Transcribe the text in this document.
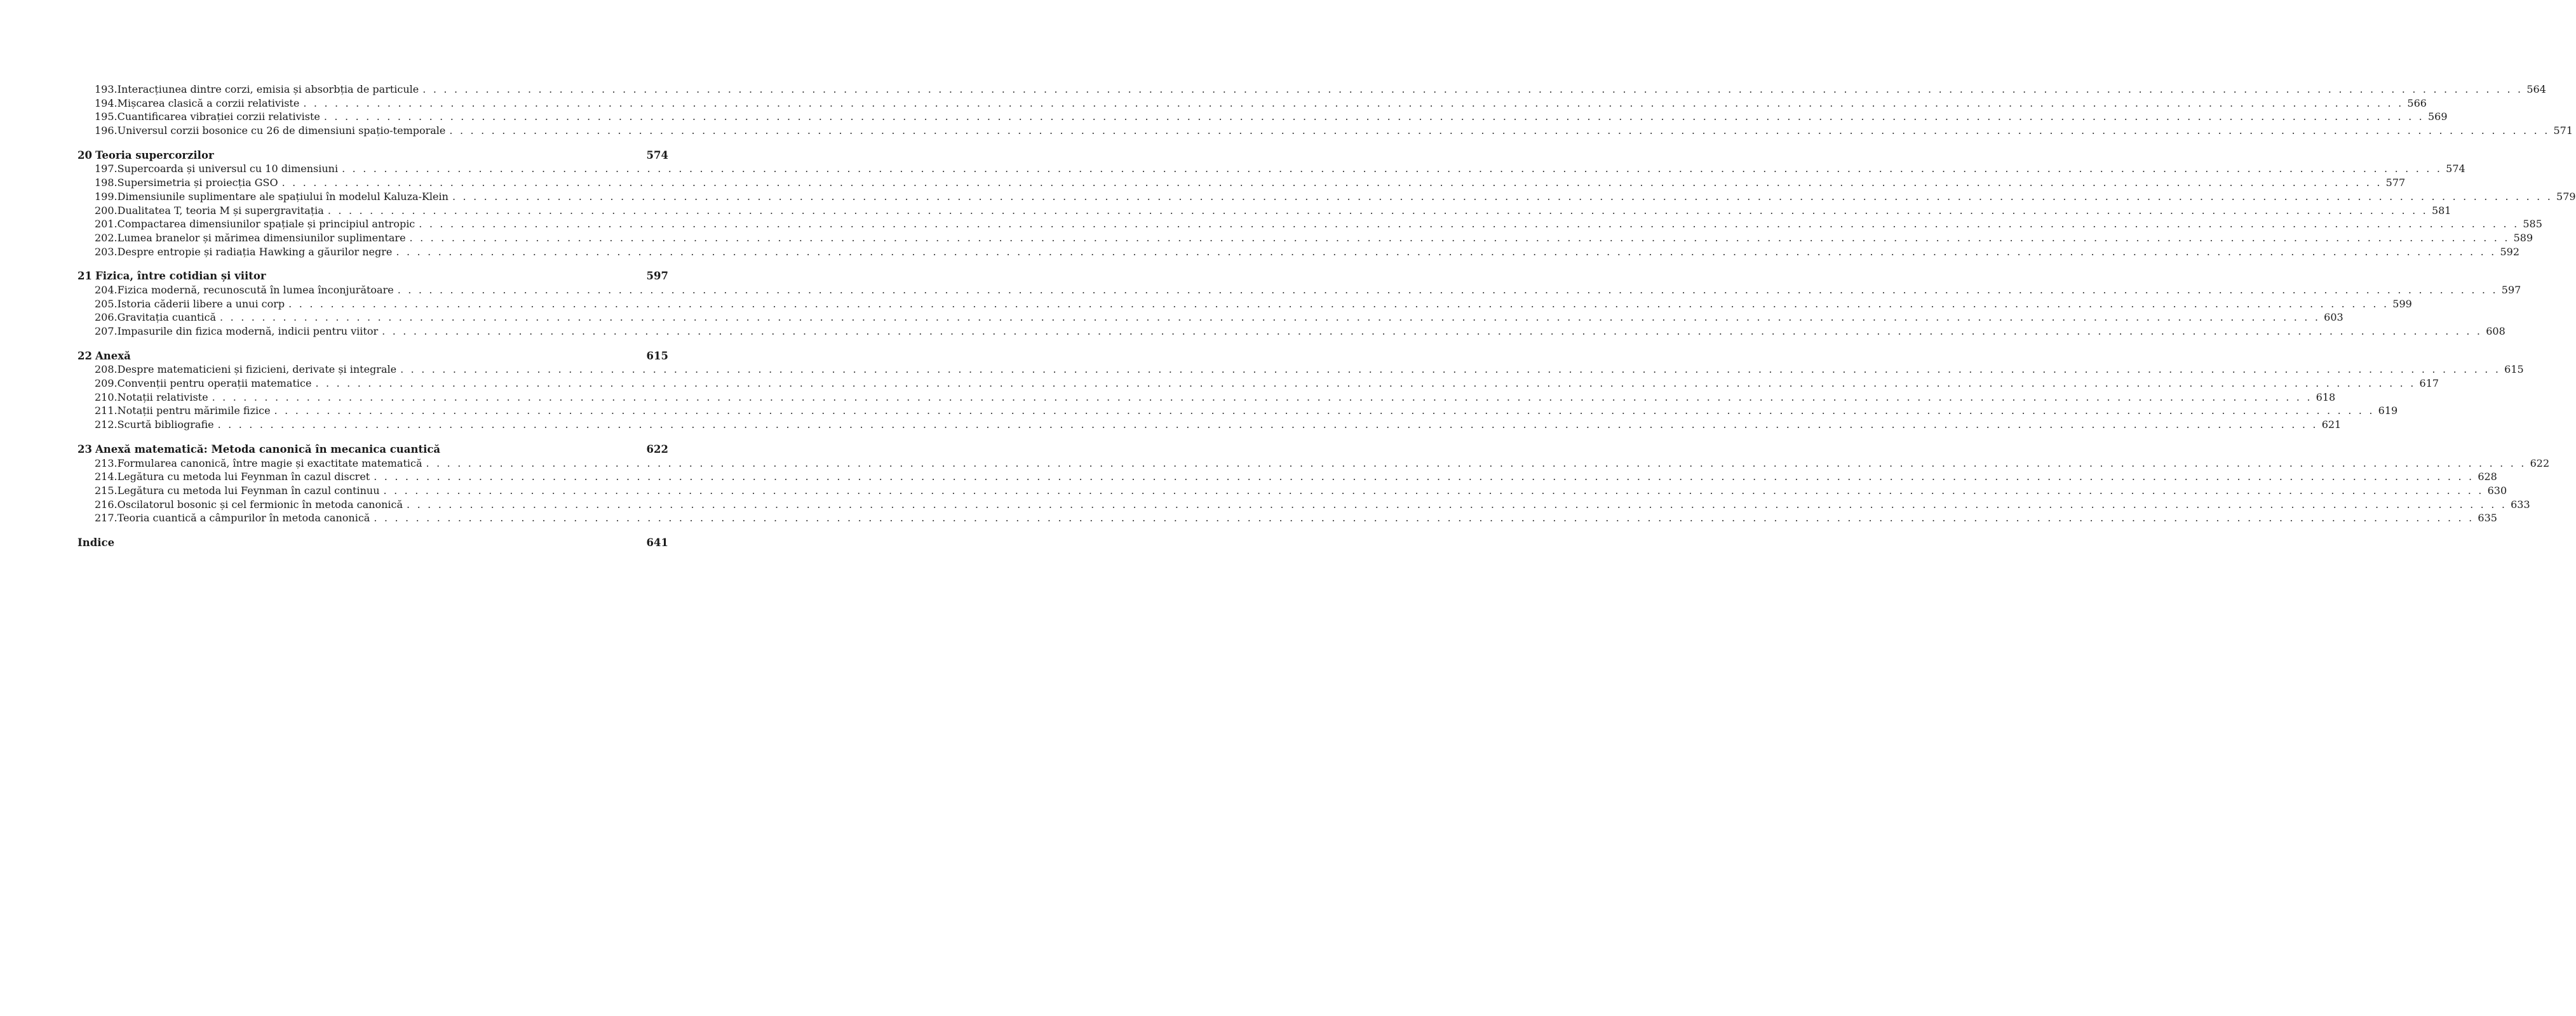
193. Interacțiunea dintre corzi, emisia și absorbția de particule . . . . . . . . . . . . . . . . . . . . . . . . . . . . . . . . . . . . . . . . . . . . . . . . . . . . . . . . . . . . . . . . . . . . . . . . . . . . . . . . . . . . . . . . . . . . . . . . . . . . . . . . . . . . . . . . . . . . . . . . . . . . . . . . . . . . . . . . . . . . . . . . . . . . . . . . . . . . . . . . . . . . . . . . . . . . . . . . . . . . . . . . . . . . . . . . . . . . . . . . 564
194. Mișcarea clasică a corzii relativiste . . . . . . . . . . . . . . . . . . . . . . . . . . . . . . . . . . . . . . . . . . . . . . . . . . . . . . . . . . . . . . . . . . . . . . . . . . . . . . . . . . . . . . . . . . . . . . . . . . . . . . . . . . . . . . . . . . . . . . . . . . . . . . . . . . . . . . . . . . . . . . . . . . . . . . . . . . . . . . . . . . . . . . . . . . . . . . . . . . . . . . . . . . . . . . . . . . . . . . . . 566
195. Cuantificarea vibrației corzii relativiste . . . . . . . . . . . . . . . . . . . . . . . . . . . . . . . . . . . . . . . . . . . . . . . . . . . . . . . . . . . . . . . . . . . . . . . . . . . . . . . . . . . . . . . . . . . . . . . . . . . . . . . . . . . . . . . . . . . . . . . . . . . . . . . . . . . . . . . . . . . . . . . . . . . . . . . . . . . . . . . . . . . . . . . . . . . . . . . . . . . . . . . . . . . . . . . . . . . . . . . . 569
196. Universul corzii bosonice cu 26 de dimensiuni spațio-temporale . . . . . . . . . . . . . . . . . . . . . . . . . . . . . . . . . . . . . . . . . . . . . . . . . . . . . . . . . . . . . . . . . . . . . . . . . . . . . . . . . . . . . . . . . . . . . . . . . . . . . . . . . . . . . . . . . . . . . . . . . . . . . . . . . . . . . . . . . . . . . . . . . . . . . . . . . . . . . . . . . . . . . . . . . . . . . . . . . . . . . . . . . . . . . . . . . . . . . . . . 571
20 Teoria supercorzilor	574
197. Supercoarda și universul cu 10 dimensiuni . . . . . . . . . . . . . . . . . . . . . . . . . . . . . . . . . . . . . . . . . . . . . . . . . . . . . . . . . . . . . . . . . . . . . . . . . . . . . . . . . . . . . . . . . . . . . . . . . . . . . . . . . . . . . . . . . . . . . . . . . . . . . . . . . . . . . . . . . . . . . . . . . . . . . . . . . . . . . . . . . . . . . . . . . . . . . . . . . . . . . . . . . . . . . . . . . . . . . . . . 574
198. Supersimetria și proiecția GSO . . . . . . . . . . . . . . . . . . . . . . . . . . . . . . . . . . . . . . . . . . . . . . . . . . . . . . . . . . . . . . . . . . . . . . . . . . . . . . . . . . . . . . . . . . . . . . . . . . . . . . . . . . . . . . . . . . . . . . . . . . . . . . . . . . . . . . . . . . . . . . . . . . . . . . . . . . . . . . . . . . . . . . . . . . . . . . . . . . . . . . . . . . . . . . . . . . . . . . . . 577
199. Dimensiunile suplimentare ale spațiului în modelul Kaluza-Klein . . . . . . . . . . . . . . . . . . . . . . . . . . . . . . . . . . . . . . . . . . . . . . . . . . . . . . . . . . . . . . . . . . . . . . . . . . . . . . . . . . . . . . . . . . . . . . . . . . . . . . . . . . . . . . . . . . . . . . . . . . . . . . . . . . . . . . . . . . . . . . . . . . . . . . . . . . . . . . . . . . . . . . . . . . . . . . . . . . . . . . . . . . . . . . . . . . . . . . . . 579
200. Dualitatea T, teoria M și supergravitația . . . . . . . . . . . . . . . . . . . . . . . . . . . . . . . . . . . . . . . . . . . . . . . . . . . . . . . . . . . . . . . . . . . . . . . . . . . . . . . . . . . . . . . . . . . . . . . . . . . . . . . . . . . . . . . . . . . . . . . . . . . . . . . . . . . . . . . . . . . . . . . . . . . . . . . . . . . . . . . . . . . . . . . . . . . . . . . . . . . . . . . . . . . . . . . . . . . . . . . . 581
201. Compactarea dimensiunilor spațiale și principiul antropic . . . . . . . . . . . . . . . . . . . . . . . . . . . . . . . . . . . . . . . . . . . . . . . . . . . . . . . . . . . . . . . . . . . . . . . . . . . . . . . . . . . . . . . . . . . . . . . . . . . . . . . . . . . . . . . . . . . . . . . . . . . . . . . . . . . . . . . . . . . . . . . . . . . . . . . . . . . . . . . . . . . . . . . . . . . . . . . . . . . . . . . . . . . . . . . . . . . . . . . . 585
202. Lumea branelor și mărimea dimensiunilor suplimentare . . . . . . . . . . . . . . . . . . . . . . . . . . . . . . . . . . . . . . . . . . . . . . . . . . . . . . . . . . . . . . . . . . . . . . . . . . . . . . . . . . . . . . . . . . . . . . . . . . . . . . . . . . . . . . . . . . . . . . . . . . . . . . . . . . . . . . . . . . . . . . . . . . . . . . . . . . . . . . . . . . . . . . . . . . . . . . . . . . . . . . . . . . . . . . . . . . . . . . . . 589
203. Despre entropie și radiația Hawking a găurilor negre . . . . . . . . . . . . . . . . . . . . . . . . . . . . . . . . . . . . . . . . . . . . . . . . . . . . . . . . . . . . . . . . . . . . . . . . . . . . . . . . . . . . . . . . . . . . . . . . . . . . . . . . . . . . . . . . . . . . . . . . . . . . . . . . . . . . . . . . . . . . . . . . . . . . . . . . . . . . . . . . . . . . . . . . . . . . . . . . . . . . . . . . . . . . . . . . . . . . . . . . 592
21 Fizica, între cotidian și viitor	597
204. Fizica modernă, recunoscută în lumea înconjurătoare . . . . . . . . . . . . . . . . . . . . . . . . . . . . . . . . . . . . . . . . . . . . . . . . . . . . . . . . . . . . . . . . . . . . . . . . . . . . . . . . . . . . . . . . . . . . . . . . . . . . . . . . . . . . . . . . . . . . . . . . . . . . . . . . . . . . . . . . . . . . . . . . . . . . . . . . . . . . . . . . . . . . . . . . . . . . . . . . . . . . . . . . . . . . . . . . . . . . . . . . 597
205. Istoria căderii libere a unui corp . . . . . . . . . . . . . . . . . . . . . . . . . . . . . . . . . . . . . . . . . . . . . . . . . . . . . . . . . . . . . . . . . . . . . . . . . . . . . . . . . . . . . . . . . . . . . . . . . . . . . . . . . . . . . . . . . . . . . . . . . . . . . . . . . . . . . . . . . . . . . . . . . . . . . . . . . . . . . . . . . . . . . . . . . . . . . . . . . . . . . . . . . . . . . . . . . . . . . . . . 599
206. Gravitația cuantică . . . . . . . . . . . . . . . . . . . . . . . . . . . . . . . . . . . . . . . . . . . . . . . . . . . . . . . . . . . . . . . . . . . . . . . . . . . . . . . . . . . . . . . . . . . . . . . . . . . . . . . . . . . . . . . . . . . . . . . . . . . . . . . . . . . . . . . . . . . . . . . . . . . . . . . . . . . . . . . . . . . . . . . . . . . . . . . . . . . . . . . . . . . . . . . . . . . . . . . . 603
207. Impasurile din fizica modernă, indicii pentru viitor . . . . . . . . . . . . . . . . . . . . . . . . . . . . . . . . . . . . . . . . . . . . . . . . . . . . . . . . . . . . . . . . . . . . . . . . . . . . . . . . . . . . . . . . . . . . . . . . . . . . . . . . . . . . . . . . . . . . . . . . . . . . . . . . . . . . . . . . . . . . . . . . . . . . . . . . . . . . . . . . . . . . . . . . . . . . . . . . . . . . . . . . . . . . . . . . . . . . . . . . 608
22 Anexă	615
208. Despre matematicieni și fizicieni, derivate și integrale . . . . . . . . . . . . . . . . . . . . . . . . . . . . . . . . . . . . . . . . . . . . . . . . . . . . . . . . . . . . . . . . . . . . . . . . . . . . . . . . . . . . . . . . . . . . . . . . . . . . . . . . . . . . . . . . . . . . . . . . . . . . . . . . . . . . . . . . . . . . . . . . . . . . . . . . . . . . . . . . . . . . . . . . . . . . . . . . . . . . . . . . . . . . . . . . . . . . . . . . 615
209. Convenții pentru operații matematice . . . . . . . . . . . . . . . . . . . . . . . . . . . . . . . . . . . . . . . . . . . . . . . . . . . . . . . . . . . . . . . . . . . . . . . . . . . . . . . . . . . . . . . . . . . . . . . . . . . . . . . . . . . . . . . . . . . . . . . . . . . . . . . . . . . . . . . . . . . . . . . . . . . . . . . . . . . . . . . . . . . . . . . . . . . . . . . . . . . . . . . . . . . . . . . . . . . . . . . . 617
210. Notații relativiste . . . . . . . . . . . . . . . . . . . . . . . . . . . . . . . . . . . . . . . . . . . . . . . . . . . . . . . . . . . . . . . . . . . . . . . . . . . . . . . . . . . . . . . . . . . . . . . . . . . . . . . . . . . . . . . . . . . . . . . . . . . . . . . . . . . . . . . . . . . . . . . . . . . . . . . . . . . . . . . . . . . . . . . . . . . . . . . . . . . . . . . . . . . . . . . . . . . . . . . . 618
211. Notații pentru mărimile fizice . . . . . . . . . . . . . . . . . . . . . . . . . . . . . . . . . . . . . . . . . . . . . . . . . . . . . . . . . . . . . . . . . . . . . . . . . . . . . . . . . . . . . . . . . . . . . . . . . . . . . . . . . . . . . . . . . . . . . . . . . . . . . . . . . . . . . . . . . . . . . . . . . . . . . . . . . . . . . . . . . . . . . . . . . . . . . . . . . . . . . . . . . . . . . . . . . . . . . . . . 619
212. Scurtă bibliografie . . . . . . . . . . . . . . . . . . . . . . . . . . . . . . . . . . . . . . . . . . . . . . . . . . . . . . . . . . . . . . . . . . . . . . . . . . . . . . . . . . . . . . . . . . . . . . . . . . . . . . . . . . . . . . . . . . . . . . . . . . . . . . . . . . . . . . . . . . . . . . . . . . . . . . . . . . . . . . . . . . . . . . . . . . . . . . . . . . . . . . . . . . . . . . . . . . . . . . . . 621
23 Anexă matematică: Metoda canonică în mecanica cuantică	622
213. Formularea canonică, între magie și exactitate matematică . . . . . . . . . . . . . . . . . . . . . . . . . . . . . . . . . . . . . . . . . . . . . . . . . . . . . . . . . . . . . . . . . . . . . . . . . . . . . . . . . . . . . . . . . . . . . . . . . . . . . . . . . . . . . . . . . . . . . . . . . . . . . . . . . . . . . . . . . . . . . . . . . . . . . . . . . . . . . . . . . . . . . . . . . . . . . . . . . . . . . . . . . . . . . . . . . . . . . . . . 622
214. Legătura cu metoda lui Feynman în cazul discret . . . . . . . . . . . . . . . . . . . . . . . . . . . . . . . . . . . . . . . . . . . . . . . . . . . . . . . . . . . . . . . . . . . . . . . . . . . . . . . . . . . . . . . . . . . . . . . . . . . . . . . . . . . . . . . . . . . . . . . . . . . . . . . . . . . . . . . . . . . . . . . . . . . . . . . . . . . . . . . . . . . . . . . . . . . . . . . . . . . . . . . . . . . . . . . . . . . . . . . . 628
215. Legătura cu metoda lui Feynman în cazul continuu . . . . . . . . . . . . . . . . . . . . . . . . . . . . . . . . . . . . . . . . . . . . . . . . . . . . . . . . . . . . . . . . . . . . . . . . . . . . . . . . . . . . . . . . . . . . . . . . . . . . . . . . . . . . . . . . . . . . . . . . . . . . . . . . . . . . . . . . . . . . . . . . . . . . . . . . . . . . . . . . . . . . . . . . . . . . . . . . . . . . . . . . . . . . . . . . . . . . . . . . 630
216. Oscilatorul bosonic și cel fermionic în metoda canonică . . . . . . . . . . . . . . . . . . . . . . . . . . . . . . . . . . . . . . . . . . . . . . . . . . . . . . . . . . . . . . . . . . . . . . . . . . . . . . . . . . . . . . . . . . . . . . . . . . . . . . . . . . . . . . . . . . . . . . . . . . . . . . . . . . . . . . . . . . . . . . . . . . . . . . . . . . . . . . . . . . . . . . . . . . . . . . . . . . . . . . . . . . . . . . . . . . . . . . . . 633
217. Teoria cuantică a câmpurilor în metoda canonică . . . . . . . . . . . . . . . . . . . . . . . . . . . . . . . . . . . . . . . . . . . . . . . . . . . . . . . . . . . . . . . . . . . . . . . . . . . . . . . . . . . . . . . . . . . . . . . . . . . . . . . . . . . . . . . . . . . . . . . . . . . . . . . . . . . . . . . . . . . . . . . . . . . . . . . . . . . . . . . . . . . . . . . . . . . . . . . . . . . . . . . . . . . . . . . . . . . . . . . . 635
Indice	641
